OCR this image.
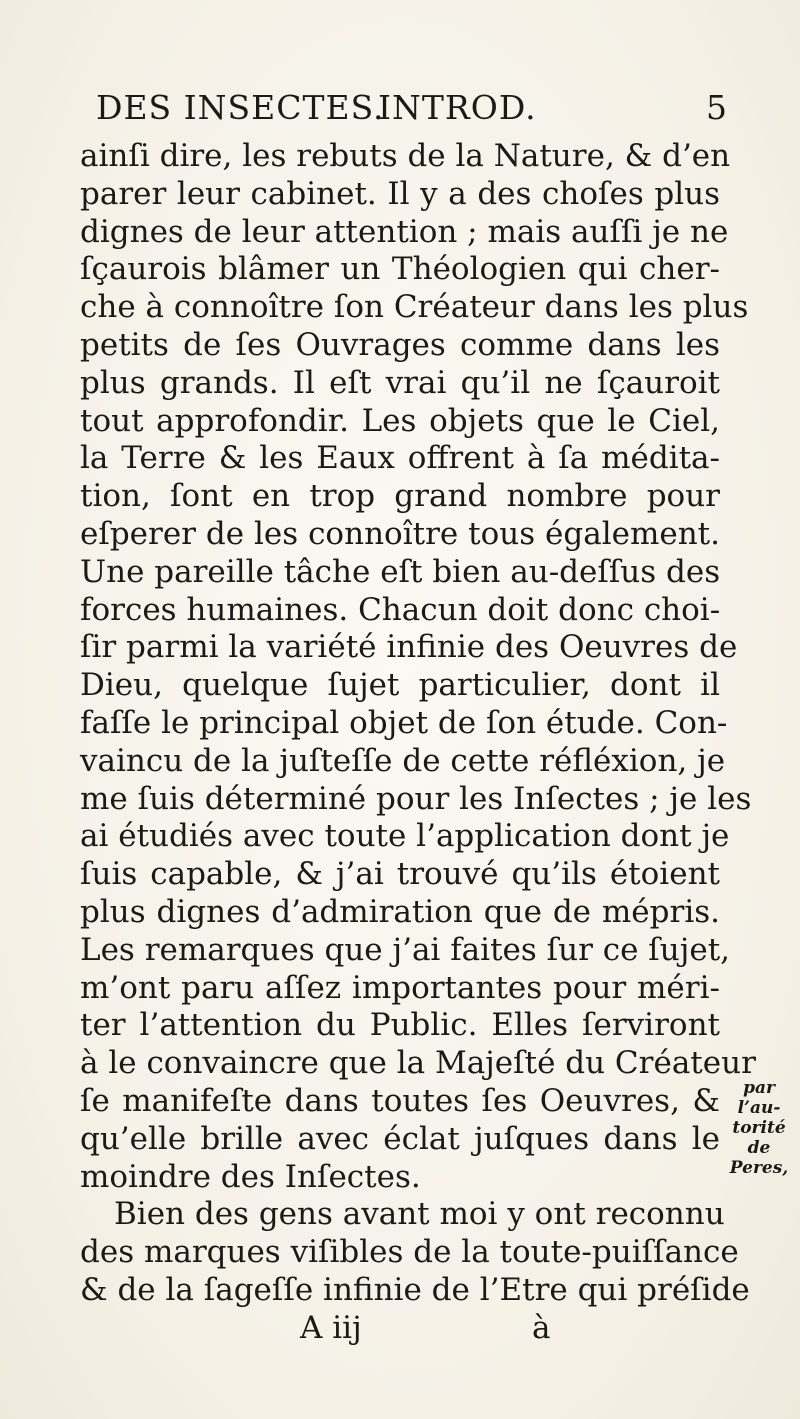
DES INSECTES.
INTROD.	5
ainſi dire, les rebuts de la Nature, & d’en
parer leur cabinet. Il y a des choſes plus
dignes de leur attention ; mais auſſi je ne
ſçaurois blâmer un Théologien qui cher-
che à connoître ſon Créateur dans les plus
petits de ſes Ouvrages comme dans les
plus grands. Il eſt vrai qu’il ne ſçauroit
tout approfondir. Les objets que le Ciel,
la Terre & les Eaux offrent à ſa médita-
tion, ſont en trop grand nombre pour
eſperer de les connoître tous également.
Une pareille tâche eſt bien au-deſſus des
forces humaines. Chacun doit donc choi-
ſir parmi la variété infinie des Oeuvres de
Dieu, quelque ſujet particulier, dont il
faſſe le principal objet de ſon étude. Con-
vaincu de la juſteſſe de cette réfléxion, je
me ſuis déterminé pour les Inſectes ; je les
ai étudiés avec toute l’application dont je
ſuis capable, & j’ai trouvé qu’ils étoient
plus dignes d’admiration que de mépris.
Les remarques que j’ai faites ſur ce ſujet,
m’ont paru aſſez importantes pour méri-
ter l’attention du Public. Elles ſerviront
à le convaincre que la Majeſté du Créateur
ſe manifeſte dans toutes ſes Oeuvres, &
qu’elle brille avec éclat juſques dans le
moindre des Inſectes.
Bien des gens avant moi y ont reconnu
des marques viſibles de la toute-puiſſance
& de la ſageſſe infinie de l’Etre qui préſide
A iij	à
par l’au-
torité de
Peres,
